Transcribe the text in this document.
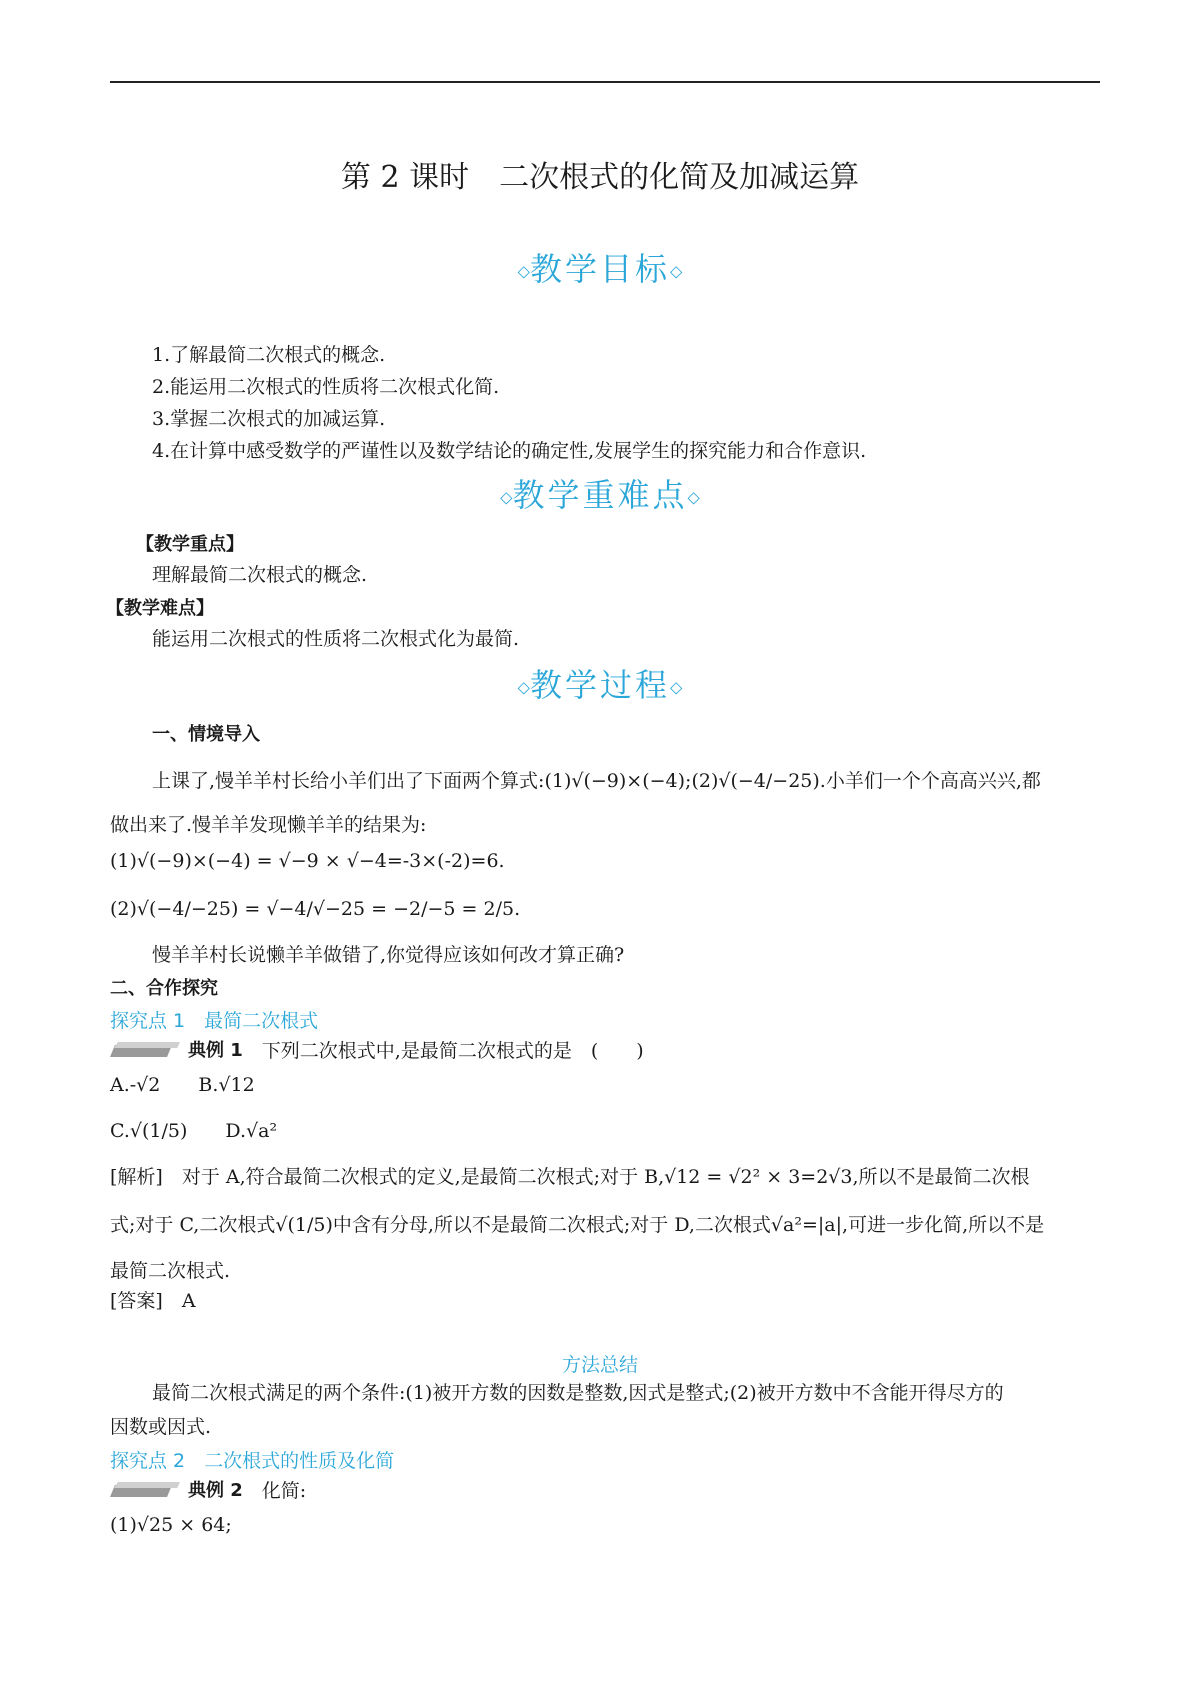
第 2 课时　二次根式的化简及加减运算
◇教学目标◇
1.了解最简二次根式的概念.
2.能运用二次根式的性质将二次根式化简.
3.掌握二次根式的加减运算.
4.在计算中感受数学的严谨性以及数学结论的确定性,发展学生的探究能力和合作意识.
◇教学重难点◇
【教学重点】
理解最简二次根式的概念.
【教学难点】
能运用二次根式的性质将二次根式化为最简.
◇教学过程◇
一、情境导入
上课了,慢羊羊村长给小羊们出了下面两个算式:(1)√(−9)×(−4);(2)√(−4/−25).小羊们一个个高高兴兴,都
做出来了.慢羊羊发现懒羊羊的结果为:
(1)√(−9)×(−4) = √−9 × √−4=-3×(-2)=6.
(2)√(−4/−25) = √−4/√−25 = −2/−5 = 2/5.
慢羊羊村长说懒羊羊做错了,你觉得应该如何改才算正确?
二、合作探究
探究点 1　最简二次根式
典例 1 　下列二次根式中,是最简二次根式的是　(　　)
A.-√2　　B.√12
C.√(1/5)　　D.√a²
[解析]　对于 A,符合最简二次根式的定义,是最简二次根式;对于 B,√12 = √2² × 3=2√3,所以不是最简二次根
式;对于 C,二次根式√(1/5)中含有分母,所以不是最简二次根式;对于 D,二次根式√a²=|a|,可进一步化简,所以不是
最简二次根式.
[答案]　A
方法总结
最简二次根式满足的两个条件:(1)被开方数的因数是整数,因式是整式;(2)被开方数中不含能开得尽方的
因数或因式.
探究点 2　二次根式的性质及化简
典例 2 　化简:
(1)√25 × 64;
